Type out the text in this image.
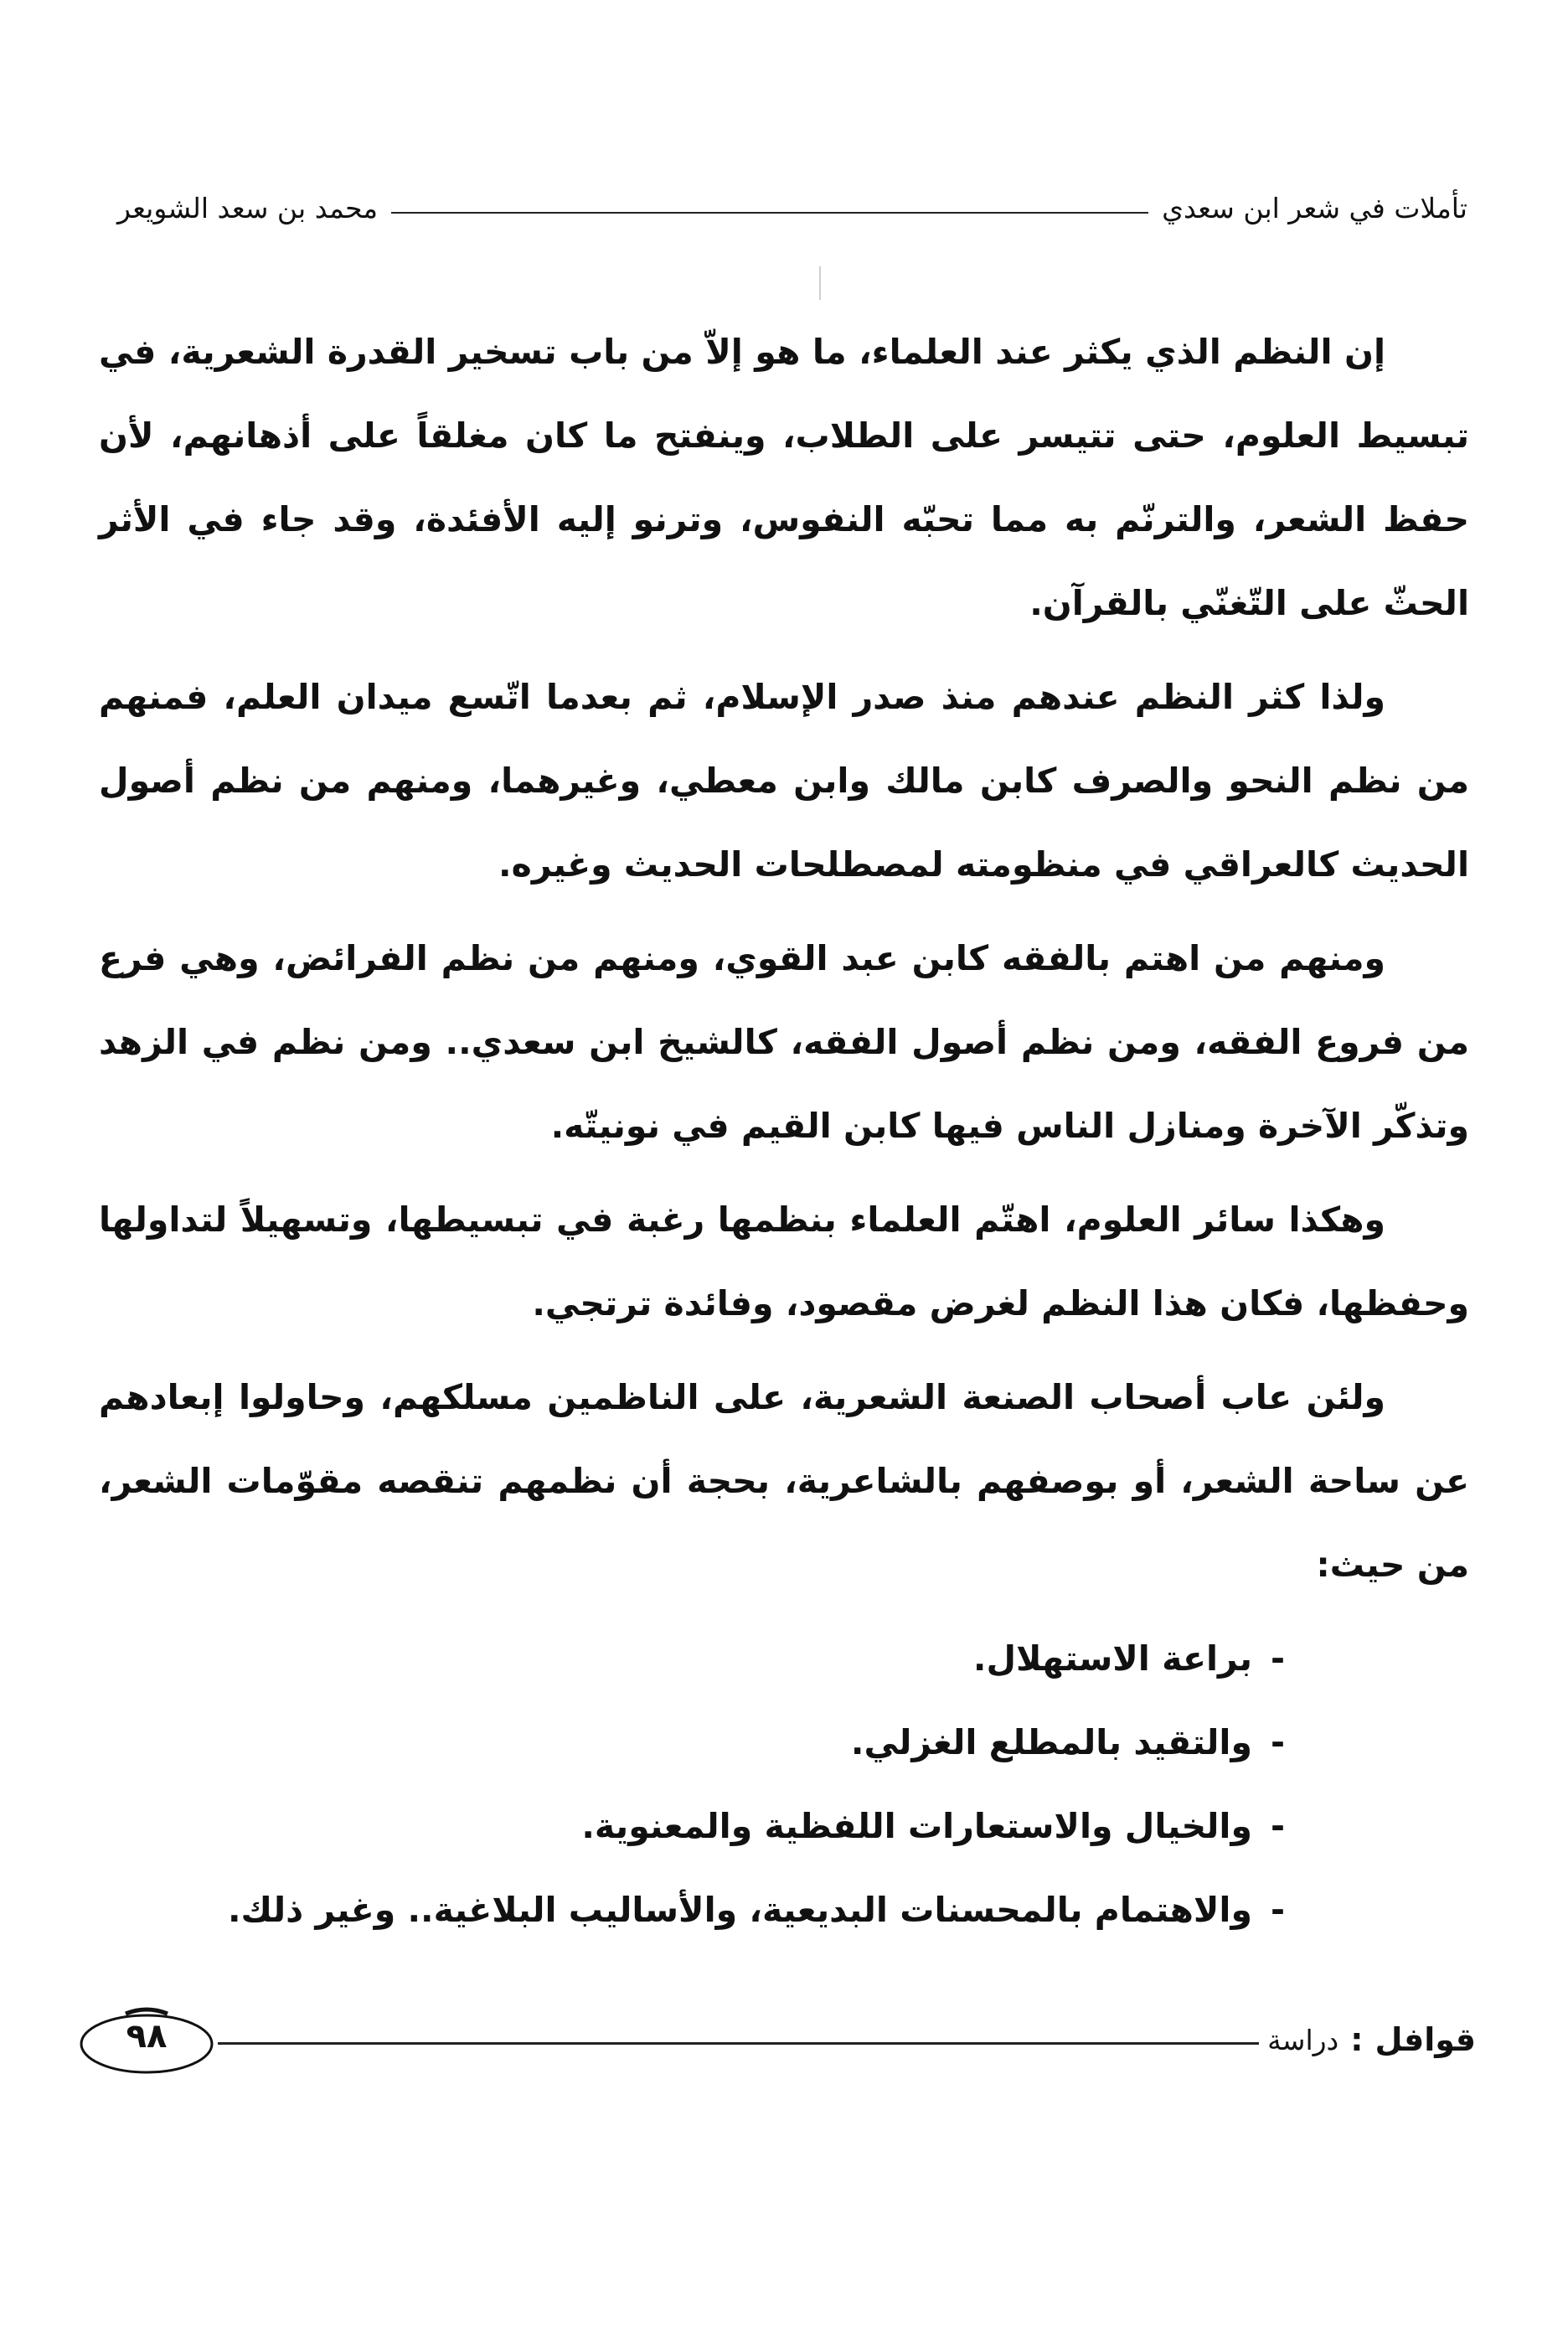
تأملات في شعر ابن سعدي
محمد بن سعد الشويعر

إن النظم الذي يكثر عند العلماء، ما هو إلاّ من باب تسخير القدرة الشعرية، في تبسيط العلوم، حتى تتيسر على الطلاب، وينفتح ما كان مغلقاً على أذهانهم، لأن حفظ الشعر، والترنّم به مما تحبّه النفوس، وترنو إليه الأفئدة، وقد جاء في الأثر الحثّ على التّغنّي بالقرآن.

ولذا كثر النظم عندهم منذ صدر الإسلام، ثم بعدما اتّسع ميدان العلم، فمنهم من نظم النحو والصرف كابن مالك وابن معطي، وغيرهما، ومنهم من نظم أصول الحديث كالعراقي في منظومته لمصطلحات الحديث وغيره.

ومنهم من اهتم بالفقه كابن عبد القوي، ومنهم من نظم الفرائض، وهي فرع من فروع الفقه، ومن نظم أصول الفقه، كالشيخ ابن سعدي.. ومن نظم في الزهد وتذكّر الآخرة ومنازل الناس فيها كابن القيم في نونيتّه.

وهكذا سائر العلوم، اهتّم العلماء بنظمها رغبة في تبسيطها، وتسهيلاً لتداولها وحفظها، فكان هذا النظم لغرض مقصود، وفائدة ترتجي.

ولئن عاب أصحاب الصنعة الشعرية، على الناظمين مسلكهم، وحاولوا إبعادهم عن ساحة الشعر، أو بوصفهم بالشاعرية، بحجة أن نظمهم تنقصه مقوّمات الشعر، من حيث:

-براعة الاستهلال.
-والتقيد بالمطلع الغزلي.
-والخيال والاستعارات اللفظية والمعنوية.
-والاهتمام بالمحسنات البديعية، والأساليب البلاغية.. وغير ذلك.
قوافل
:
دراسة
٩٨
